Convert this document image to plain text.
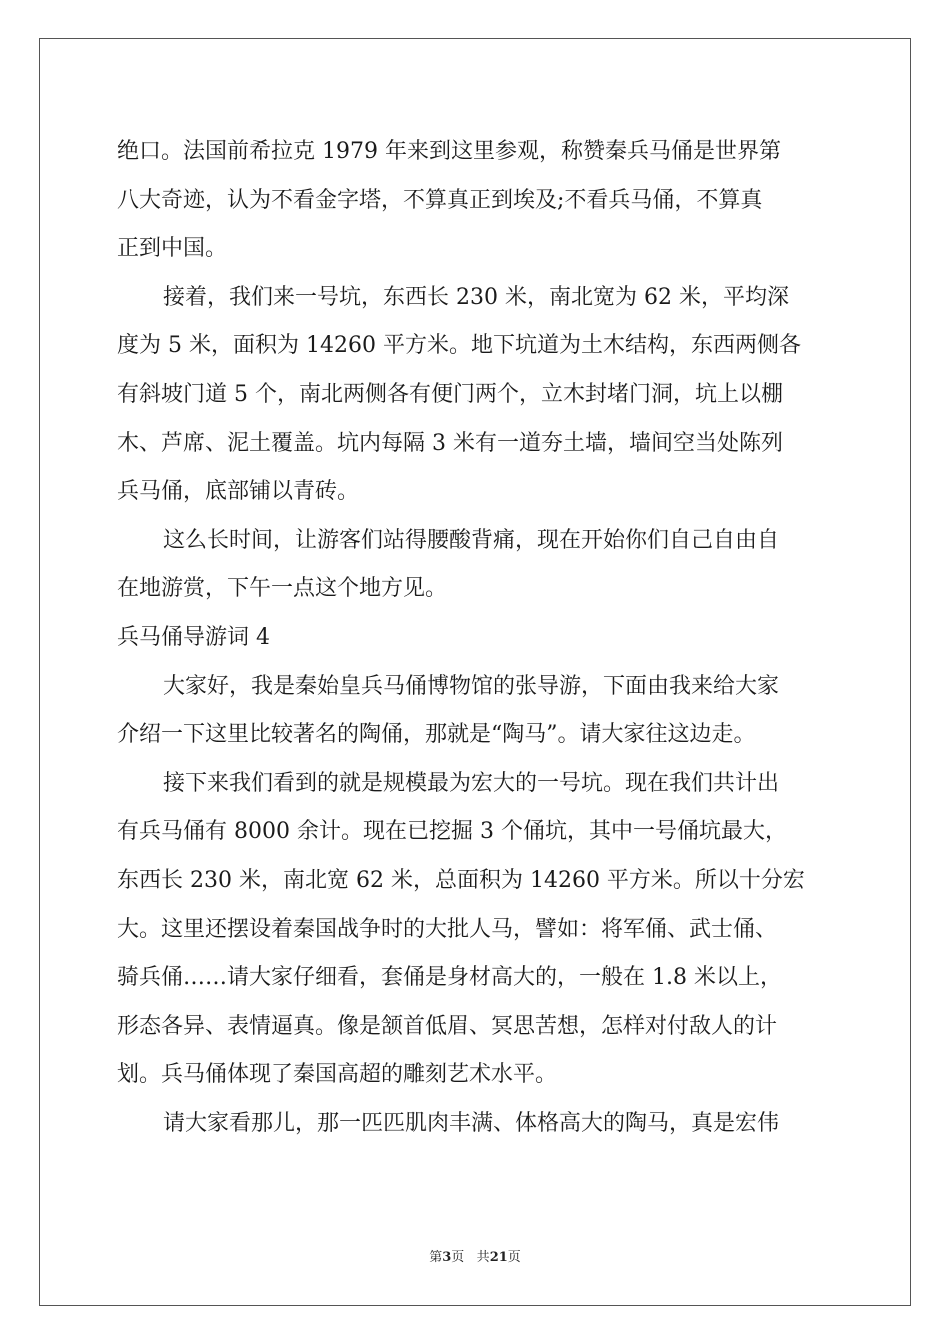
绝口。法国前希拉克 1979 年来到这里参观，称赞秦兵马俑是世界第
八大奇迹，认为不看金字塔，不算真正到埃及;不看兵马俑，不算真
正到中国。
接着，我们来一号坑，东西长 230 米，南北宽为 62 米，平均深
度为 5 米，面积为 14260 平方米。地下坑道为土木结构，东西两侧各
有斜坡门道 5 个，南北两侧各有便门两个，立木封堵门洞，坑上以棚
木、芦席、泥土覆盖。坑内每隔 3 米有一道夯土墙，墙间空当处陈列
兵马俑，底部铺以青砖。
这么长时间，让游客们站得腰酸背痛，现在开始你们自己自由自
在地游赏，下午一点这个地方见。
兵马俑导游词 4
大家好，我是秦始皇兵马俑博物馆的张导游，下面由我来给大家
介绍一下这里比较著名的陶俑，那就是“陶马”。请大家往这边走。
接下来我们看到的就是规模最为宏大的一号坑。现在我们共计出
有兵马俑有 8000 余计。现在已挖掘 3 个俑坑，其中一号俑坑最大，
东西长 230 米，南北宽 62 米，总面积为 14260 平方米。所以十分宏
大。这里还摆设着秦国战争时的大批人马，譬如：将军俑、武士俑、
骑兵俑……请大家仔细看，套俑是身材高大的，一般在 1.8 米以上，
形态各异、表情逼真。像是颔首低眉、冥思苦想，怎样对付敌人的计
划。兵马俑体现了秦国高超的雕刻艺术水平。
请大家看那儿，那一匹匹肌肉丰满、体格高大的陶马，真是宏伟
第3页 共21页
